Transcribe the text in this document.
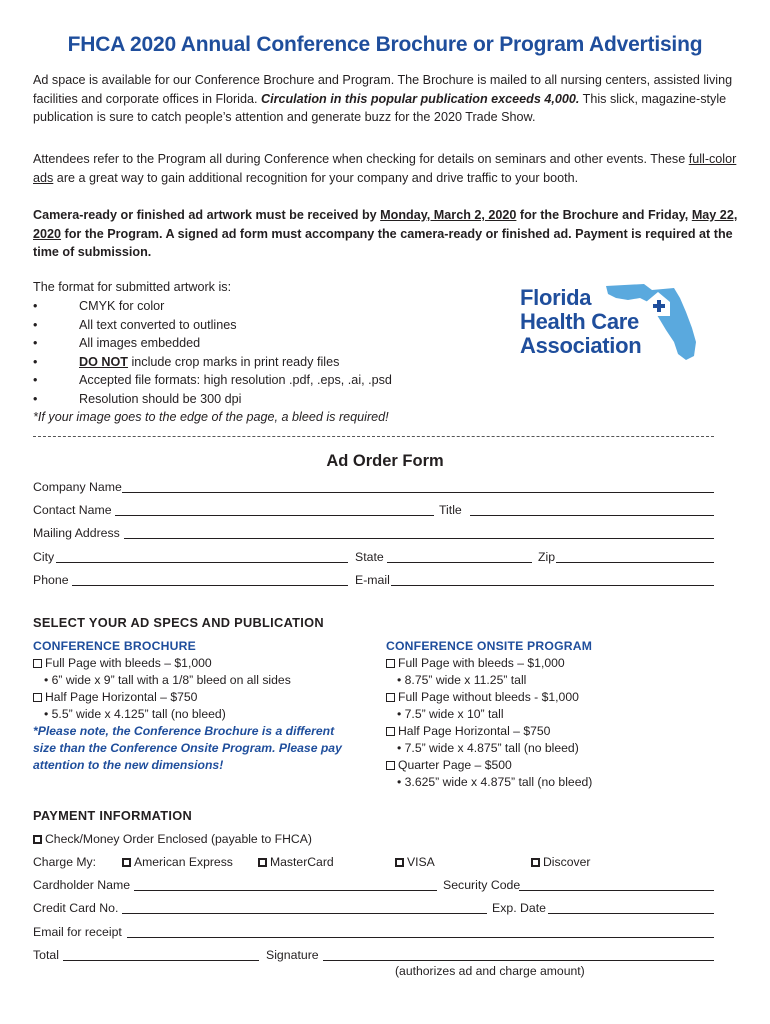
FHCA 2020 Annual Conference Brochure or Program Advertising
Ad space is available for our Conference Brochure and Program. The Brochure is mailed to all nursing centers, assisted living facilities and corporate offices in Florida. Circulation in this popular publication exceeds 4,000. This slick, magazine-style publication is sure to catch people’s attention and generate buzz for the 2020 Trade Show.
Attendees refer to the Program all during Conference when checking for details on seminars and other events. These full-color ads are a great way to gain additional recognition for your company and drive traffic to your booth.
Camera-ready or finished ad artwork must be received by Monday, March 2, 2020 for the Brochure and Friday, May 22, 2020 for the Program. A signed ad form must accompany the camera-ready or finished ad. Payment is required at the time of submission.
The format for submitted artwork is:
•	CMYK for color
•	All text converted to outlines
•	All images embedded
•	DO NOT include crop marks in print ready files
•	Accepted file formats: high resolution .pdf, .eps, .ai, .psd
•	Resolution should be 300 dpi
*If your image goes to the edge of the page, a bleed is required!
Florida
Health Care
Association
Ad Order Form
Company Name
Contact Name	Title
Mailing Address
City	State	Zip
Phone	E-mail
SELECT YOUR AD SPECS AND PUBLICATION
CONFERENCE BROCHURE
Full Page with bleeds – $1,000
• 6” wide x 9” tall with a 1/8” bleed on all sides
Half Page Horizontal – $750
• 5.5” wide x 4.125” tall (no bleed)
*Please note, the Conference Brochure is a different size than the Conference Onsite Program. Please pay attention to the new dimensions!
CONFERENCE ONSITE PROGRAM
Full Page with bleeds – $1,000
• 8.75” wide x 11.25” tall
Full Page without bleeds - $1,000
• 7.5” wide x 10” tall
Half Page Horizontal – $750
• 7.5” wide x 4.875” tall (no bleed)
Quarter Page – $500
• 3.625” wide x 4.875” tall (no bleed)
PAYMENT INFORMATION
Check/Money Order Enclosed (payable to FHCA)
Charge My:	American Express	MasterCard	VISA	Discover
Cardholder Name	Security Code
Credit Card No.	Exp. Date
Email for receipt
Total	Signature
(authorizes ad and charge amount)
